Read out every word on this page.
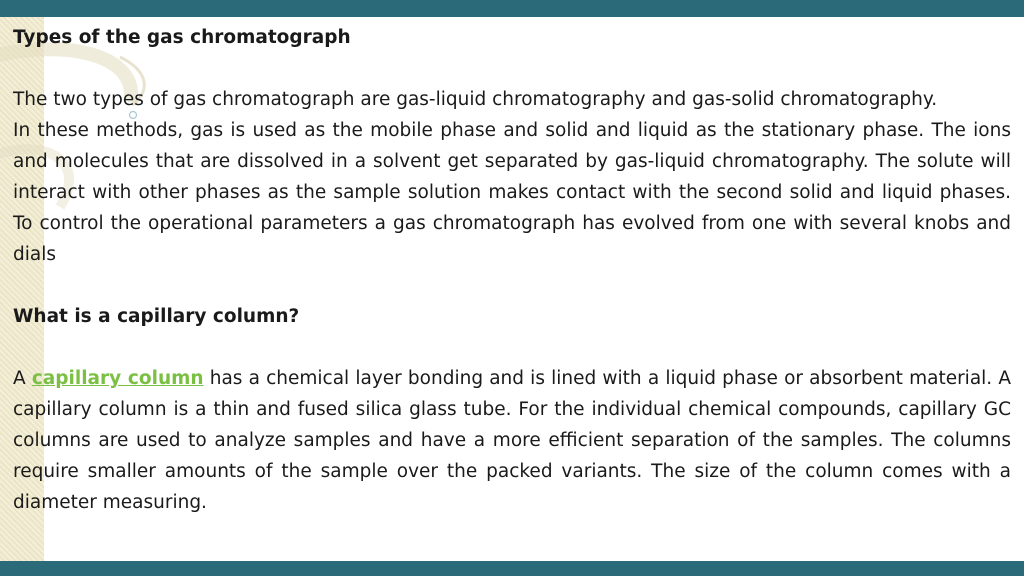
Types of the gas chromatograph

The two types of gas chromatograph are gas-liquid chromatography and gas-solid chromatography.

In these methods, gas is used as the mobile phase and solid and liquid as the stationary phase. The ions and molecules that are dissolved in a solvent get separated by gas-liquid chromatography. The solute will interact with other phases as the sample solution makes contact with the second solid and liquid phases. To control the operational parameters a gas chromatograph has evolved from one with several knobs and dials

What is a capillary column?

A capillary column has a chemical layer bonding and is lined with a liquid phase or absorbent material. A capillary column is a thin and fused silica glass tube. For the individual chemical compounds, capillary GC columns are used to analyze samples and have a more efficient separation of the samples. The columns require smaller amounts of the sample over the packed variants. The size of the column comes with a diameter measuring.
